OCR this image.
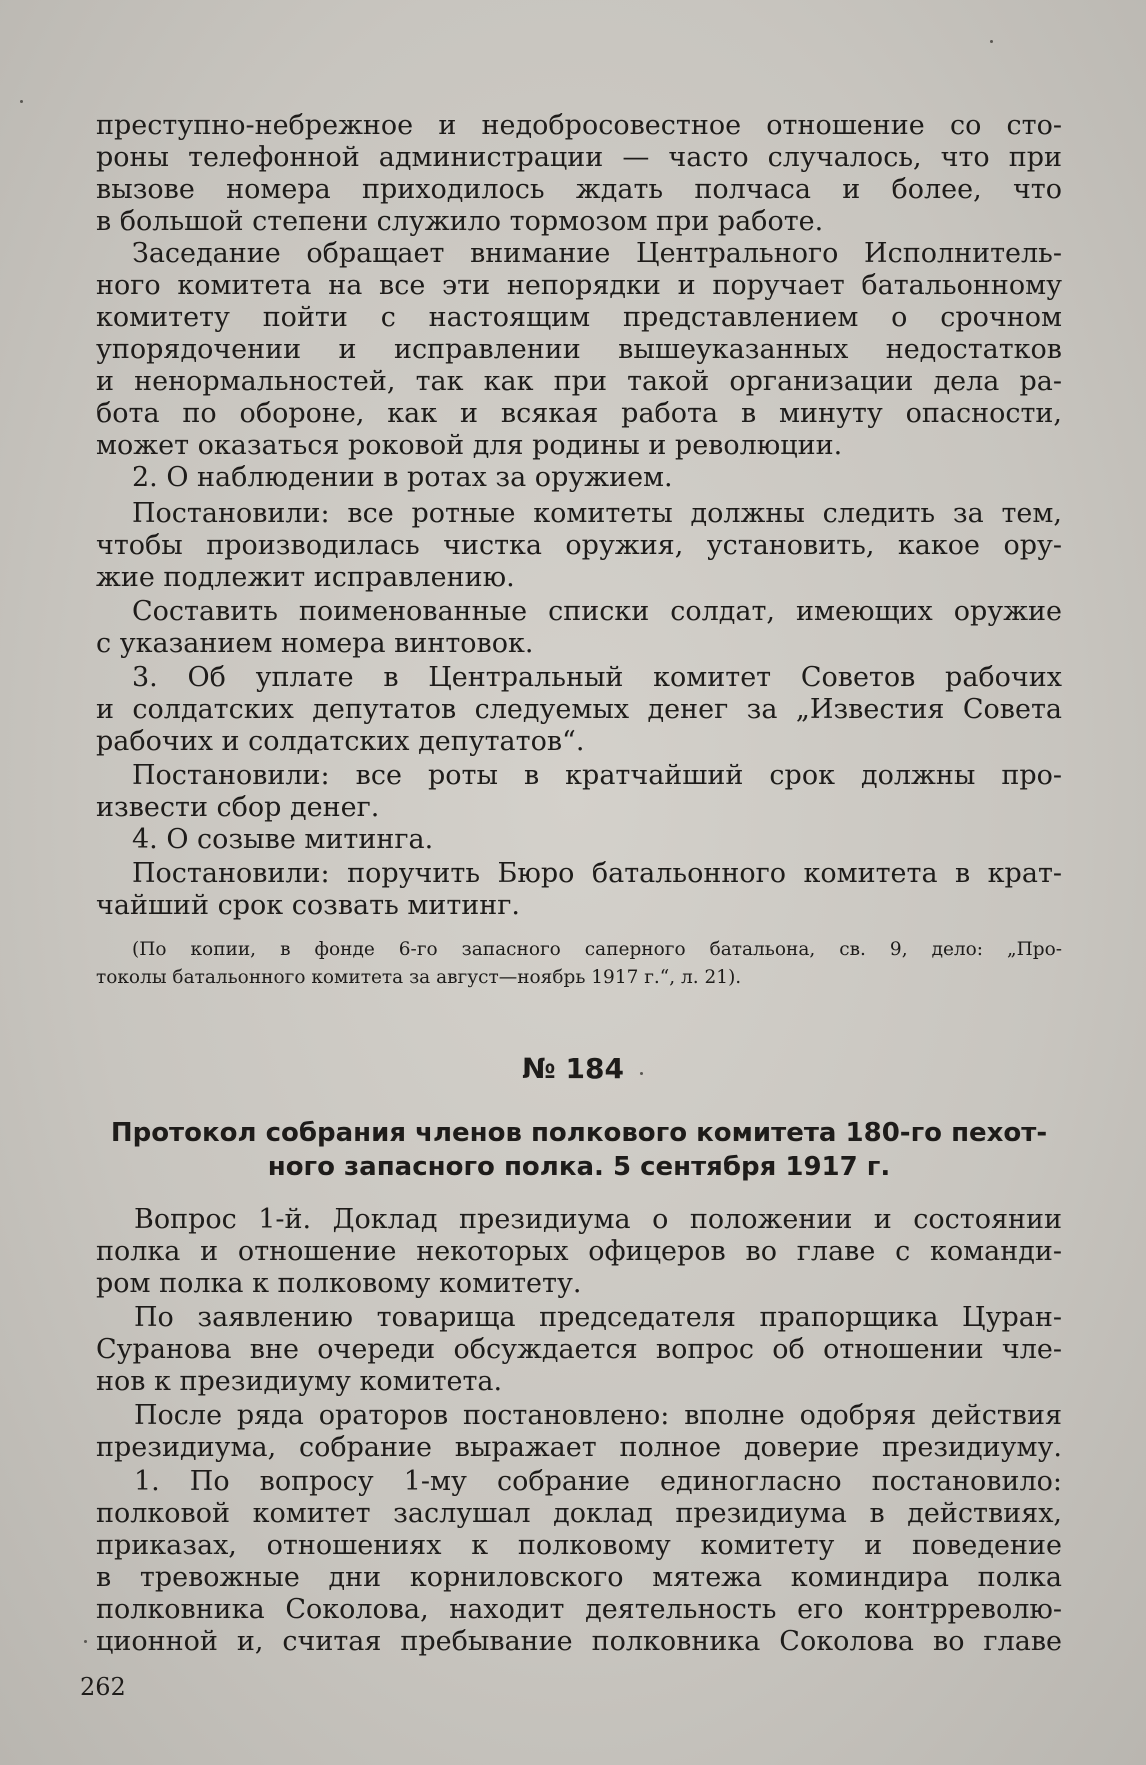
преступно-небрежное и недобросовестное отношение со сто-

роны телефонной администрации — часто случалось, что при

вызове номера приходилось ждать полчаса и более, что

в большой степени служило тормозом при работе.

Заседание обращает внимание Центрального Исполнитель-

ного комитета на все эти непорядки и поручает батальонному

комитету пойти с настоящим представлением о срочном

упорядочении и исправлении вышеуказанных недостатков

и ненормальностей, так как при такой организации дела ра-

бота по обороне, как и всякая работа в минуту опасности,

может оказаться роковой для родины и революции.

2. О наблюдении в ротах за оружием.

Постановили: все ротные комитеты должны следить за тем,

чтобы производилась чистка оружия, установить, какое ору-

жие подлежит исправлению.

Составить поименованные списки солдат, имеющих оружие

с указанием номера винтовок.

3. Об уплате в Центральный комитет Советов рабочих

и солдатских депутатов следуемых денег за „Известия Совета

рабочих и солдатских депутатов“.

Постановили: все роты в кратчайший срок должны про-

извести сбор денег.

4. О созыве митинга.

Постановили: поручить Бюро батальонного комитета в крат-

чайший срок созвать митинг.

(По копии, в фонде 6-го запасного саперного батальона, св. 9, дело: „Про-
токолы батальонного комитета за август—ноябрь 1917 г.“, л. 21).
№ 184
Протокол собрания членов полкового комитета 180-го пехот-
ного запасного полка. 5 сентября 1917 г.

Вопрос 1-й. Доклад президиума о положении и состоянии

полка и отношение некоторых офицеров во главе с команди-

ром полка к полковому комитету.

По заявлению товарища председателя прапорщика Цуран-

Суранова вне очереди обсуждается вопрос об отношении чле-

нов к президиуму комитета.

После ряда ораторов постановлено: вполне одобряя действия

президиума, собрание выражает полное доверие президиуму.

1. По вопросу 1-му собрание единогласно постановило:

полковой комитет заслушал доклад президиума в действиях,

приказах, отношениях к полковому комитету и поведение

в тревожные дни корниловского мятежа коминдира полка

полковника Соколова, находит деятельность его контрреволю-

ционной и, считая пребывание полковника Соколова во главе

262
